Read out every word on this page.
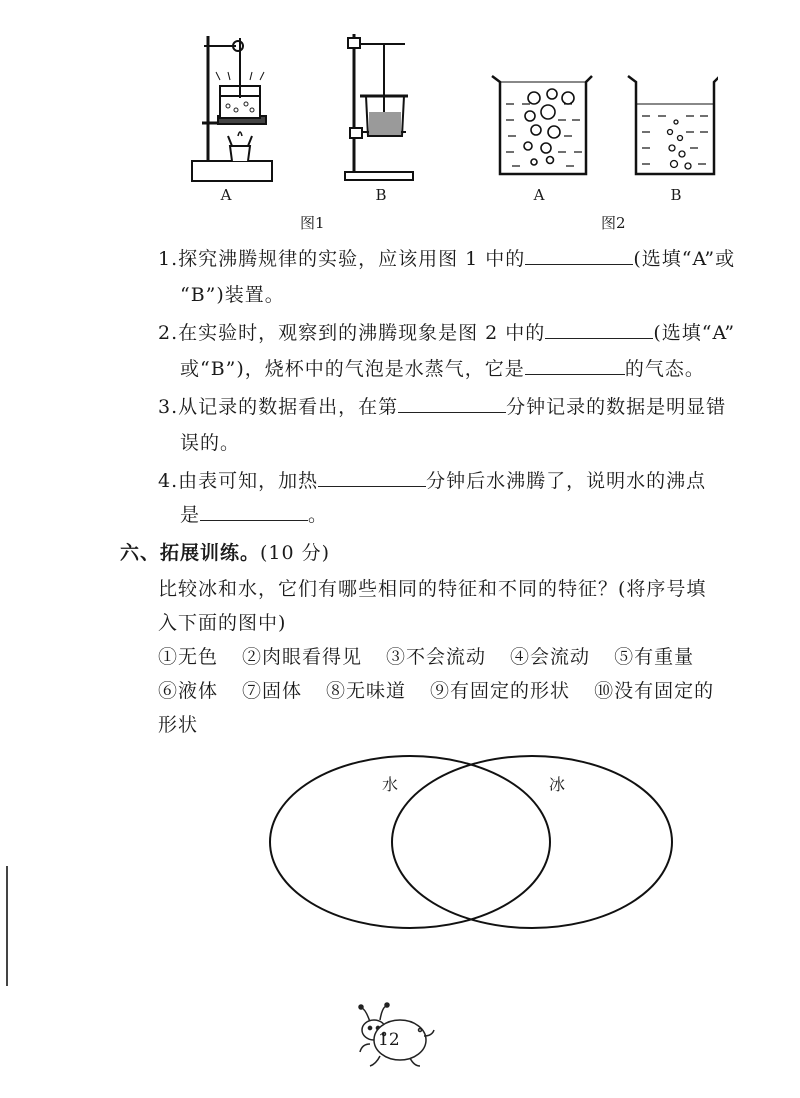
A	B
图1
A	B
图2
1.探究沸腾规律的实验，应该用图 1 中的	(选填“A”或
“B”)装置。
2.在实验时，观察到的沸腾现象是图 2 中的	(选填“A”
或“B”)，烧杯中的气泡是水蒸气，它是	的气态。
3.从记录的数据看出，在第	分钟记录的数据是明显错
误的。
4.由表可知，加热	分钟后水沸腾了，说明水的沸点
是	。
六、拓展训练。(10 分)
比较冰和水，它们有哪些相同的特征和不同的特征？(将序号填
入下面的图中)
①无色 ②肉眼看得见 ③不会流动 ④会流动 ⑤有重量
⑥液体 ⑦固体 ⑧无味道 ⑨有固定的形状 ⑩没有固定的
形状
水	冰
12
